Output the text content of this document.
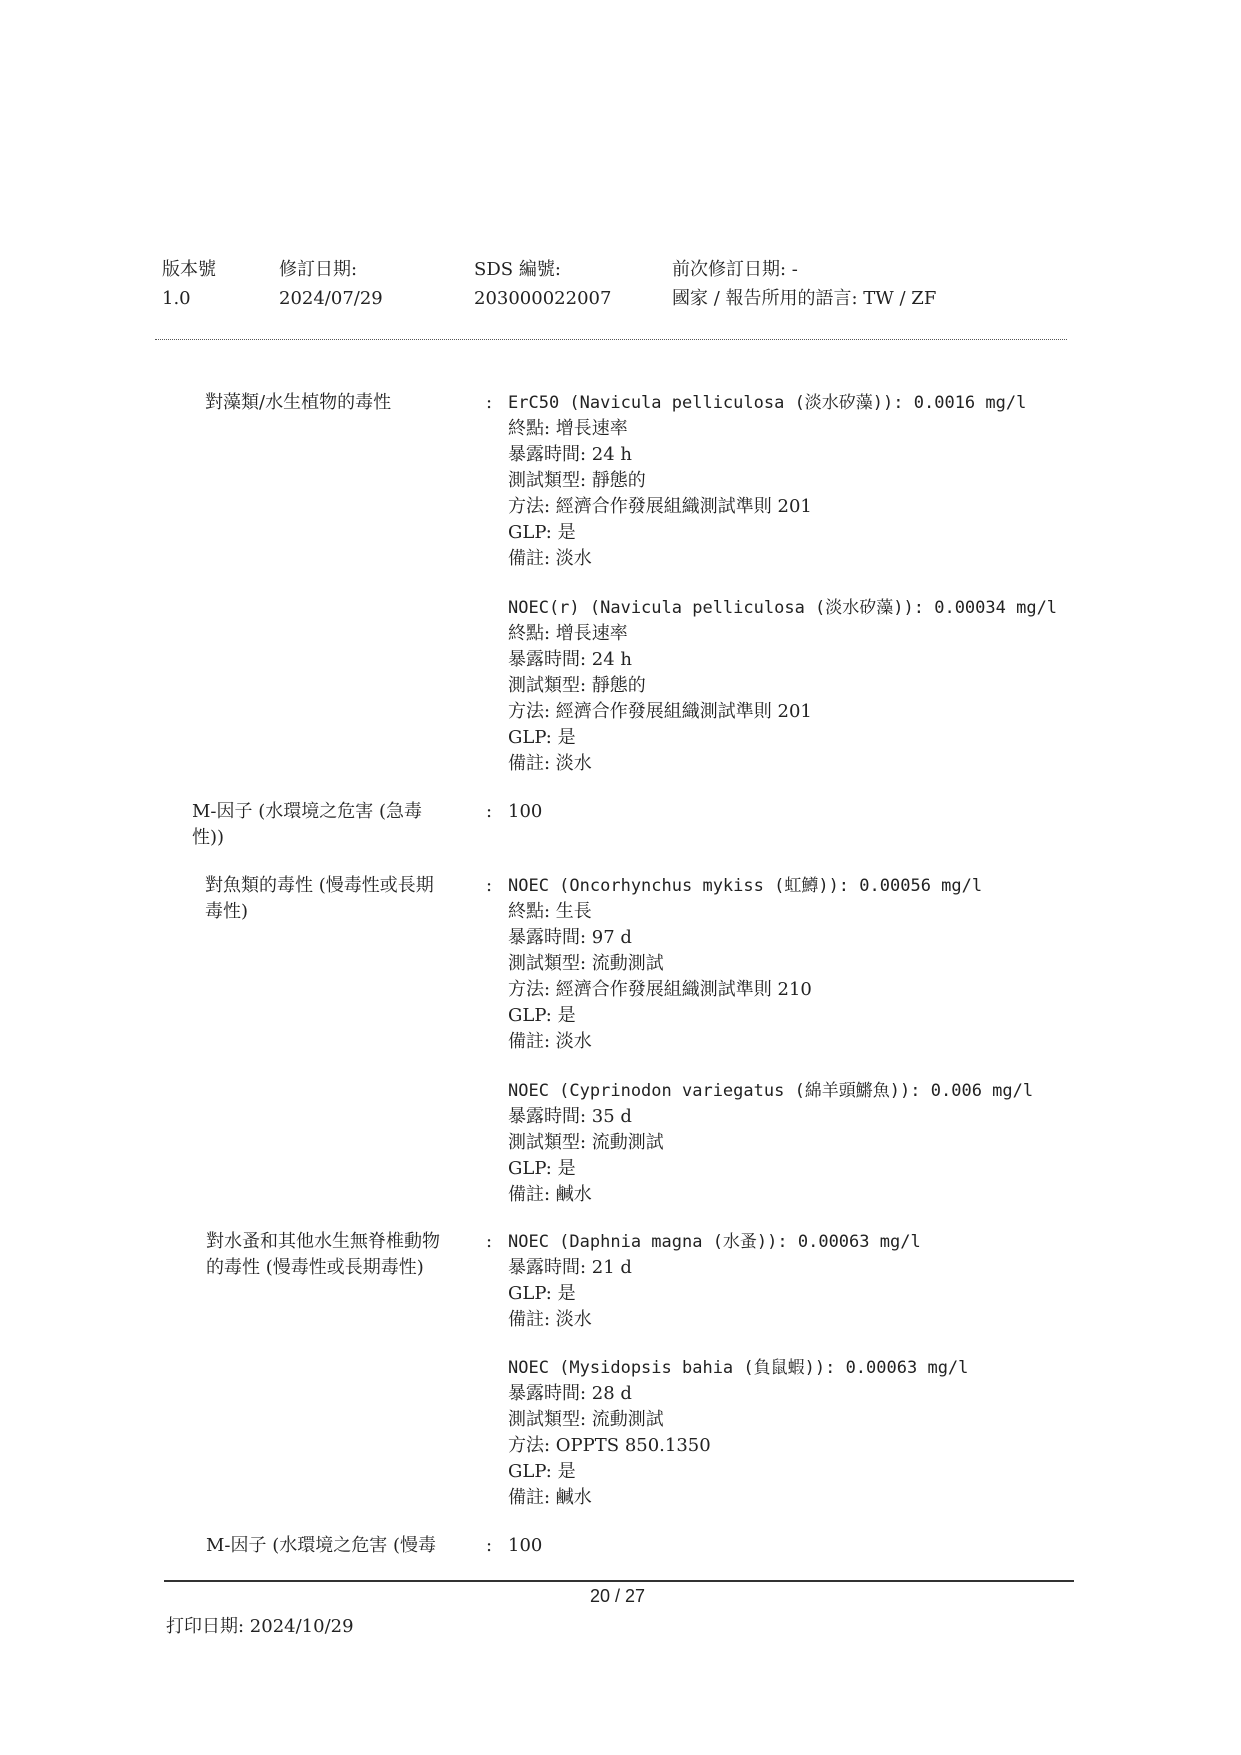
版本號
1.0
修訂日期:
2024/07/29
SDS 編號:
203000022007
前次修訂日期: -
國家 / 報告所用的語言: TW / ZF
對藻類/水生植物的毒性	: ErC50 (Navicula pelliculosa (淡水矽藻)): 0.0016 mg/l
終點: 增長速率
暴露時間: 24 h
測試類型: 靜態的
方法: 經濟合作發展組織測試準則 201
GLP: 是
備註: 淡水
NOEC(r) (Navicula pelliculosa (淡水矽藻)): 0.00034 mg/l
終點: 增長速率
暴露時間: 24 h
測試類型: 靜態的
方法: 經濟合作發展組織測試準則 201
GLP: 是
備註: 淡水
M-因子 (水環境之危害 (急毒
性))
: 100
對魚類的毒性 (慢毒性或長期
毒性)
: NOEC (Oncorhynchus mykiss (虹鱒)): 0.00056 mg/l
終點: 生長
暴露時間: 97 d
測試類型: 流動測試
方法: 經濟合作發展組織測試準則 210
GLP: 是
備註: 淡水
NOEC (Cyprinodon variegatus (綿羊頭鱂魚)): 0.006 mg/l
暴露時間: 35 d
測試類型: 流動測試
GLP: 是
備註: 鹹水
對水蚤和其他水生無脊椎動物
的毒性 (慢毒性或長期毒性)
: NOEC (Daphnia magna (水蚤)): 0.00063 mg/l
暴露時間: 21 d
GLP: 是
備註: 淡水
NOEC (Mysidopsis bahia (負鼠蝦)): 0.00063 mg/l
暴露時間: 28 d
測試類型: 流動測試
方法: OPPTS 850.1350
GLP: 是
備註: 鹹水
M-因子 (水環境之危害 (慢毒	: 100
20 / 27
打印日期: 2024/10/29
